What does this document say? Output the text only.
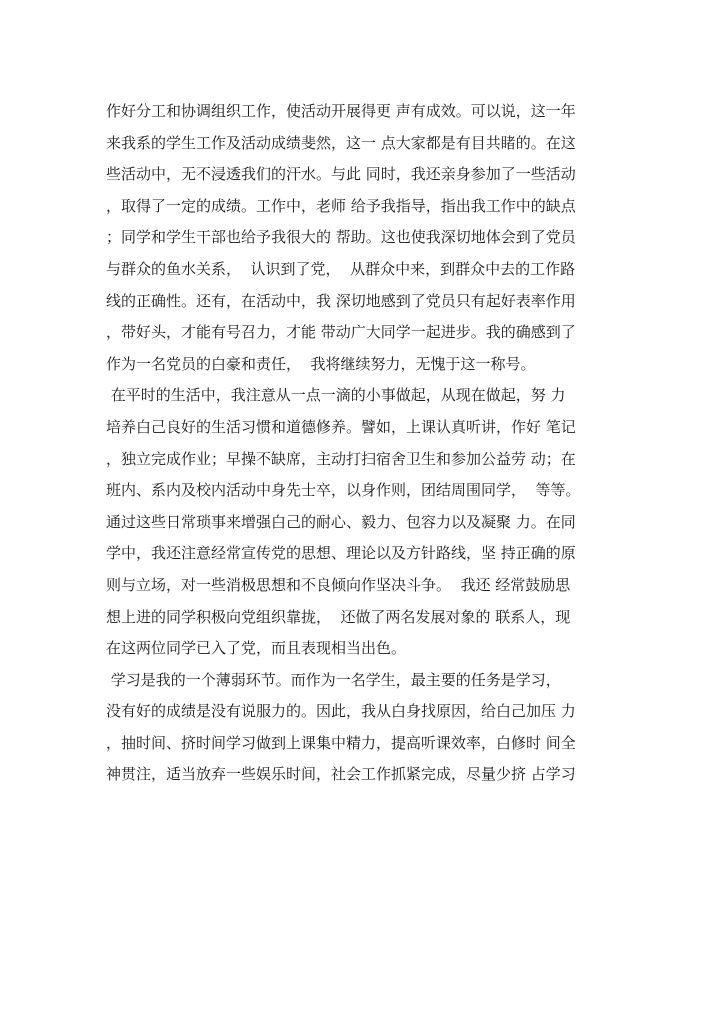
作好分工和协调组织工作，使活动开展得更 声有成效。可以说，这一年
来我系的学生工作及活动成绩斐然，这一 点大家都是有目共睹的。在这
些活动中，无不浸透我们的汗水。与此 同时，我还亲身参加了一些活动
，取得了一定的成绩。工作中，老师 给予我指导，指出我工作中的缺点
；同学和学生干部也给予我很大的 帮助。这也使我深切地体会到了党员
与群众的鱼水关系，  认识到了党，  从群众中来，到群众中去的工作路
线的正确性。还有，在活动中，我 深切地感到了党员只有起好表率作用
，带好头，才能有号召力，才能 带动广大同学一起进步。我的确感到了
作为一名党员的白豪和责任，  我将继续努力，无愧于这一称号。
在平时的生活中，我注意从一点一滴的小事做起，从现在做起，努 力
培养白己良好的生活习惯和道德修养。譬如，上课认真听讲，作好 笔记
，独立完成作业；早操不缺席，主动打扫宿舍卫生和参加公益劳 动；在
班内、系内及校内活动中身先士卒，以身作则，团结周围同学，  等等。
通过这些日常琐事来增强白己的耐心、毅力、包容力以及凝聚 力。在同
学中，我还注意经常宣传党的思想、理论以及方针路线，坚 持正确的原
则与立场，对一些消极思想和不良倾向作坚决斗争。  我还 经常鼓励思
想上进的同学积极向党组织靠拢，  还做了两名发展对象的 联系人，现
在这两位同学已入了党，而且表现相当出色。
学习是我的一个薄弱环节。而作为一名学生，最主要的任务是学习，
没有好的成绩是没有说服力的。因此，我从白身找原因，给白己加压 力
，抽时间、挤时间学习做到上课集中精力，提高听课效率，白修时 间全
神贯注，适当放弃一些娱乐时间，社会工作抓紧完成，尽量少挤 占学习
